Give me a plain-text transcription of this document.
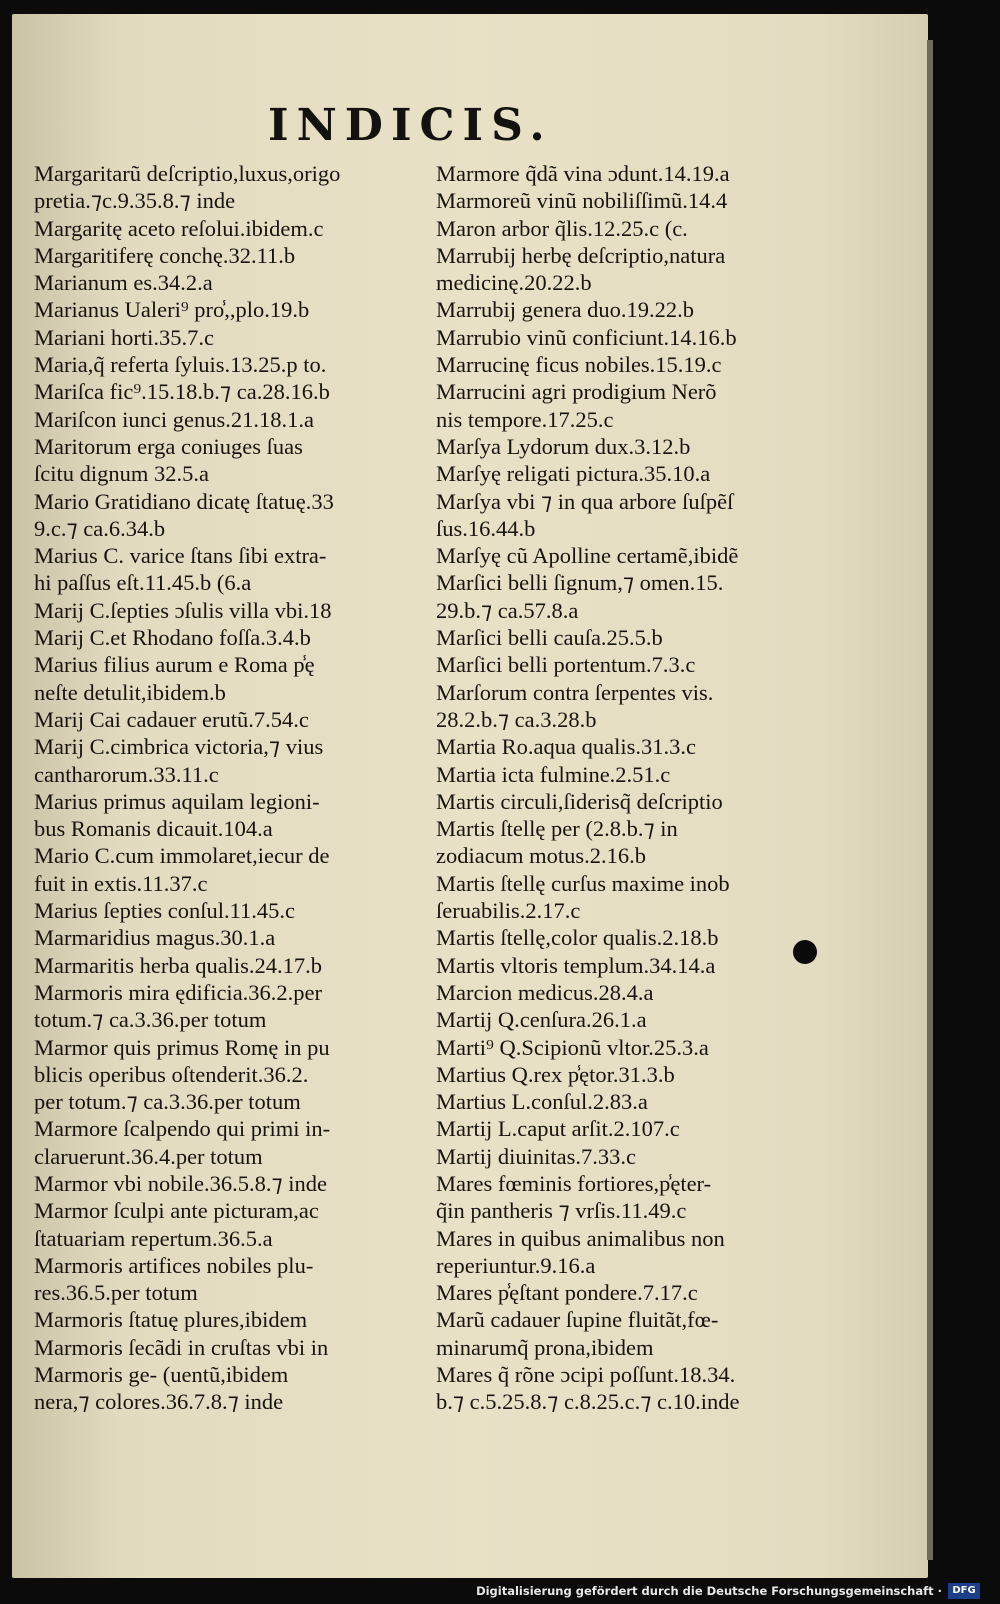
INDICIS.
Margaritarũ deſcriptio,luxus,origo
pretia.⁊c.9.35.8.⁊ inde
Margaritę aceto reſolui.ibidem.c
Margaritiferę conchę.32.11.b
Marianum es.34.2.a
Marianus Ualeri⁹ pro̾,,plo.19.b
Mariani horti.35.7.c
Maria,q̃ referta ſyluis.13.25.p to.
Mariſca fic⁹.15.18.b.⁊ ca.28.16.b
Mariſcon iunci genus.21.18.1.a
Maritorum erga coniuges ſuas
ſcitu dignum 32.5.a
Mario Gratidiano dicatę ſtatuę.33
9.c.⁊ ca.6.34.b
Marius C. varice ſtans ſibi extra-
hi paſſus eſt.11.45.b (6.a
Marij C.ſepties ɔſulis villa vbi.18
Marij C.et Rhodano foſſa.3.4.b
Marius filius aurum e Roma p̾ę
neſte detulit,ibidem.b
Marij Cai cadauer erutũ.7.54.c
Marij C.cimbrica victoria,⁊ vius
cantharorum.33.11.c
Marius primus aquilam legioni-
bus Romanis dicauit.104.a
Mario C.cum immolaret,iecur de
fuit in extis.11.37.c
Marius ſepties conſul.11.45.c
Marmaridius magus.30.1.a
Marmaritis herba qualis.24.17.b
Marmoris mira ędificia.36.2.per
totum.⁊ ca.3.36.per totum
Marmor quis primus Romę in pu
blicis operibus oſtenderit.36.2.
per totum.⁊ ca.3.36.per totum
Marmore ſcalpendo qui primi in-
claruerunt.36.4.per totum
Marmor vbi nobile.36.5.8.⁊ inde
Marmor ſculpi ante picturam,ac
ſtatuariam repertum.36.5.a
Marmoris artifices nobiles plu-
res.36.5.per totum
Marmoris ſtatuę plures,ibidem
Marmoris ſecãdi in cruſtas vbi in
Marmoris ge- (uentũ,ibidem
nera,⁊ colores.36.7.8.⁊ inde
Marmore q̃dã vina ɔdunt.14.19.a
Marmoreũ vinũ nobiliſſimũ.14.4
Maron arbor q̃lis.12.25.c (c.
Marrubij herbę deſcriptio,natura
medicinę.20.22.b
Marrubij genera duo.19.22.b
Marrubio vinũ conficiunt.14.16.b
Marrucinę ficus nobiles.15.19.c
Marrucini agri prodigium Nerõ
nis tempore.17.25.c
Marſya Lydorum dux.3.12.b
Marſyę religati pictura.35.10.a
Marſya vbi ⁊ in qua arbore ſuſpẽſ
ſus.16.44.b
Marſyę cũ Apolline certamẽ,ibidẽ
Marſici belli ſignum,⁊ omen.15.
29.b.⁊ ca.57.8.a
Marſici belli cauſa.25.5.b
Marſici belli portentum.7.3.c
Marſorum contra ſerpentes vis.
28.2.b.⁊ ca.3.28.b
Martia Ro.aqua qualis.31.3.c
Martia icta fulmine.2.51.c
Martis circuli,ſiderisq̃ deſcriptio
Martis ſtellę per (2.8.b.⁊ in
zodiacum motus.2.16.b
Martis ſtellę curſus maxime inob
ſeruabilis.2.17.c
Martis ſtellę,color qualis.2.18.b
Martis vltoris templum.34.14.a
Marcion medicus.28.4.a
Martij Q.cenſura.26.1.a
Marti⁹ Q.Scipionũ vltor.25.3.a
Martius Q.rex p̾ętor.31.3.b
Martius L.conſul.2.83.a
Martij L.caput arſit.2.107.c
Martij diuinitas.7.33.c
Mares fœminis fortiores,p̾ęter-
q̃in pantheris ⁊ vrſis.11.49.c
Mares in quibus animalibus non
reperiuntur.9.16.a
Mares p̾ęſtant pondere.7.17.c
Marũ cadauer ſupine fluitãt,fœ-
minarumq̃ prona,ibidem
Mares q̃ rõne ɔcipi poſſunt.18.34.
b.⁊ c.5.25.8.⁊ c.8.25.c.⁊ c.10.inde
Digitalisierung gefördert durch die Deutsche Forschungsgemeinschaft ·	DFG
